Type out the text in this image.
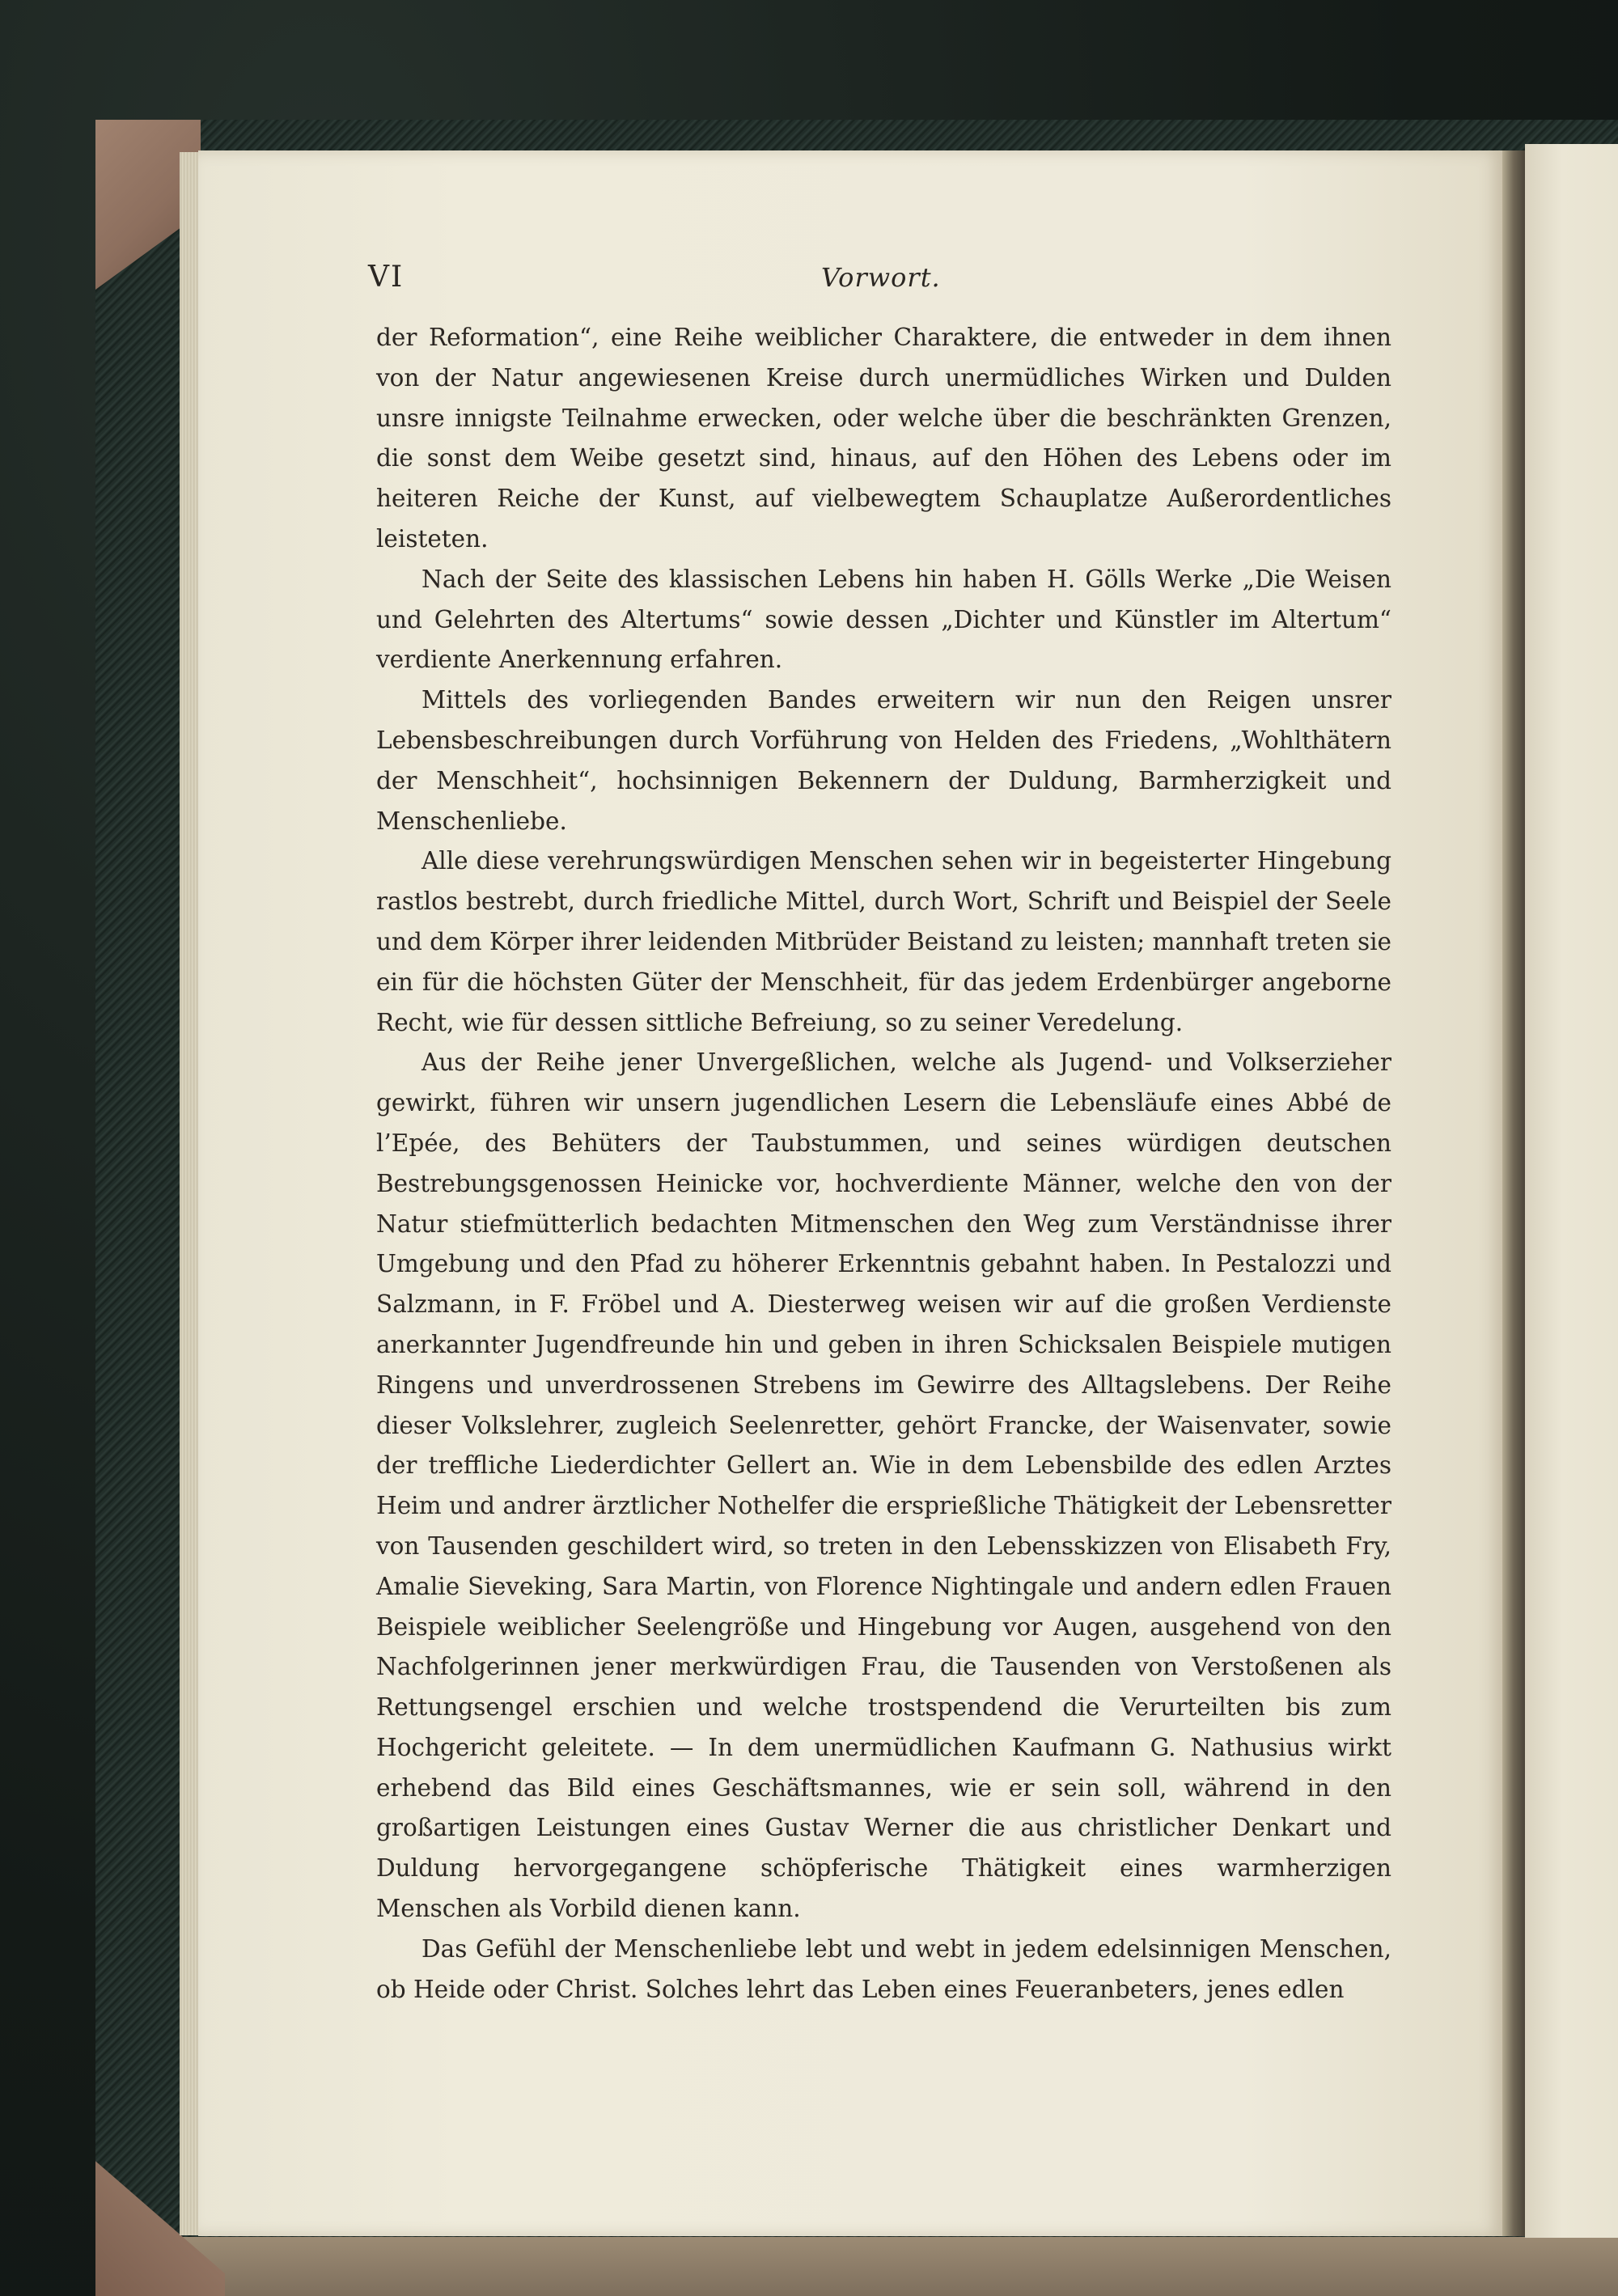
VI	Vorwort.

der Reformation“, eine Reihe weiblicher Charaktere, die entweder in dem ihnen von der Natur angewiesenen Kreise durch unermüdliches Wirken und Dulden unsre innigste Teilnahme erwecken, oder welche über die beschränkten Grenzen, die sonst dem Weibe gesetzt sind, hinaus, auf den Höhen des Lebens oder im heiteren Reiche der Kunst, auf vielbewegtem Schauplatze Außerordentliches leisteten.

Nach der Seite des klassischen Lebens hin haben H. Gölls Werke „Die Weisen und Gelehrten des Altertums“ sowie dessen „Dichter und Künstler im Altertum“ verdiente Anerkennung erfahren.

Mittels des vorliegenden Bandes erweitern wir nun den Reigen unsrer Lebensbeschreibungen durch Vorführung von Helden des Friedens, „Wohlthätern der Menschheit“, hochsinnigen Bekennern der Duldung, Barmherzigkeit und Menschenliebe.

Alle diese verehrungswürdigen Menschen sehen wir in begeisterter Hingebung rastlos bestrebt, durch friedliche Mittel, durch Wort, Schrift und Beispiel der Seele und dem Körper ihrer leidenden Mitbrüder Beistand zu leisten; mannhaft treten sie ein für die höchsten Güter der Menschheit, für das jedem Erdenbürger angeborne Recht, wie für dessen sittliche Befreiung, so zu seiner Veredelung.

Aus der Reihe jener Unvergeßlichen, welche als Jugend- und Volkserzieher gewirkt, führen wir unsern jugendlichen Lesern die Lebensläufe eines Abbé de l’Epée, des Behüters der Taubstummen, und seines würdigen deutschen Bestrebungsgenossen Heinicke vor, hochverdiente Männer, welche den von der Natur stiefmütterlich bedachten Mitmenschen den Weg zum Verständnisse ihrer Umgebung und den Pfad zu höherer Erkenntnis gebahnt haben. In Pestalozzi und Salzmann, in F. Fröbel und A. Diesterweg weisen wir auf die großen Verdienste anerkannter Jugendfreunde hin und geben in ihren Schicksalen Beispiele mutigen Ringens und unverdrossenen Strebens im Gewirre des Alltagslebens. Der Reihe dieser Volkslehrer, zugleich Seelenretter, gehört Francke, der Waisenvater, sowie der treffliche Liederdichter Gellert an. Wie in dem Lebensbilde des edlen Arztes Heim und andrer ärztlicher Nothelfer die ersprießliche Thätigkeit der Lebensretter von Tausenden geschildert wird, so treten in den Lebensskizzen von Elisabeth Fry, Amalie Sieveking, Sara Martin, von Florence Nightingale und andern edlen Frauen Beispiele weiblicher Seelengröße und Hingebung vor Augen, ausgehend von den Nachfolgerinnen jener merkwürdigen Frau, die Tausenden von Verstoßenen als Rettungsengel erschien und welche trostspendend die Verurteilten bis zum Hochgericht geleitete. — In dem unermüdlichen Kaufmann G. Nathusius wirkt erhebend das Bild eines Geschäftsmannes, wie er sein soll, während in den großartigen Leistungen eines Gustav Werner die aus christlicher Denkart und Duldung hervorgegangene schöpferische Thätigkeit eines warmherzigen Menschen als Vorbild dienen kann.

Das Gefühl der Menschenliebe lebt und webt in jedem edelsinnigen Menschen, ob Heide oder Christ. Solches lehrt das Leben eines Feueranbeters, jenes edlen
